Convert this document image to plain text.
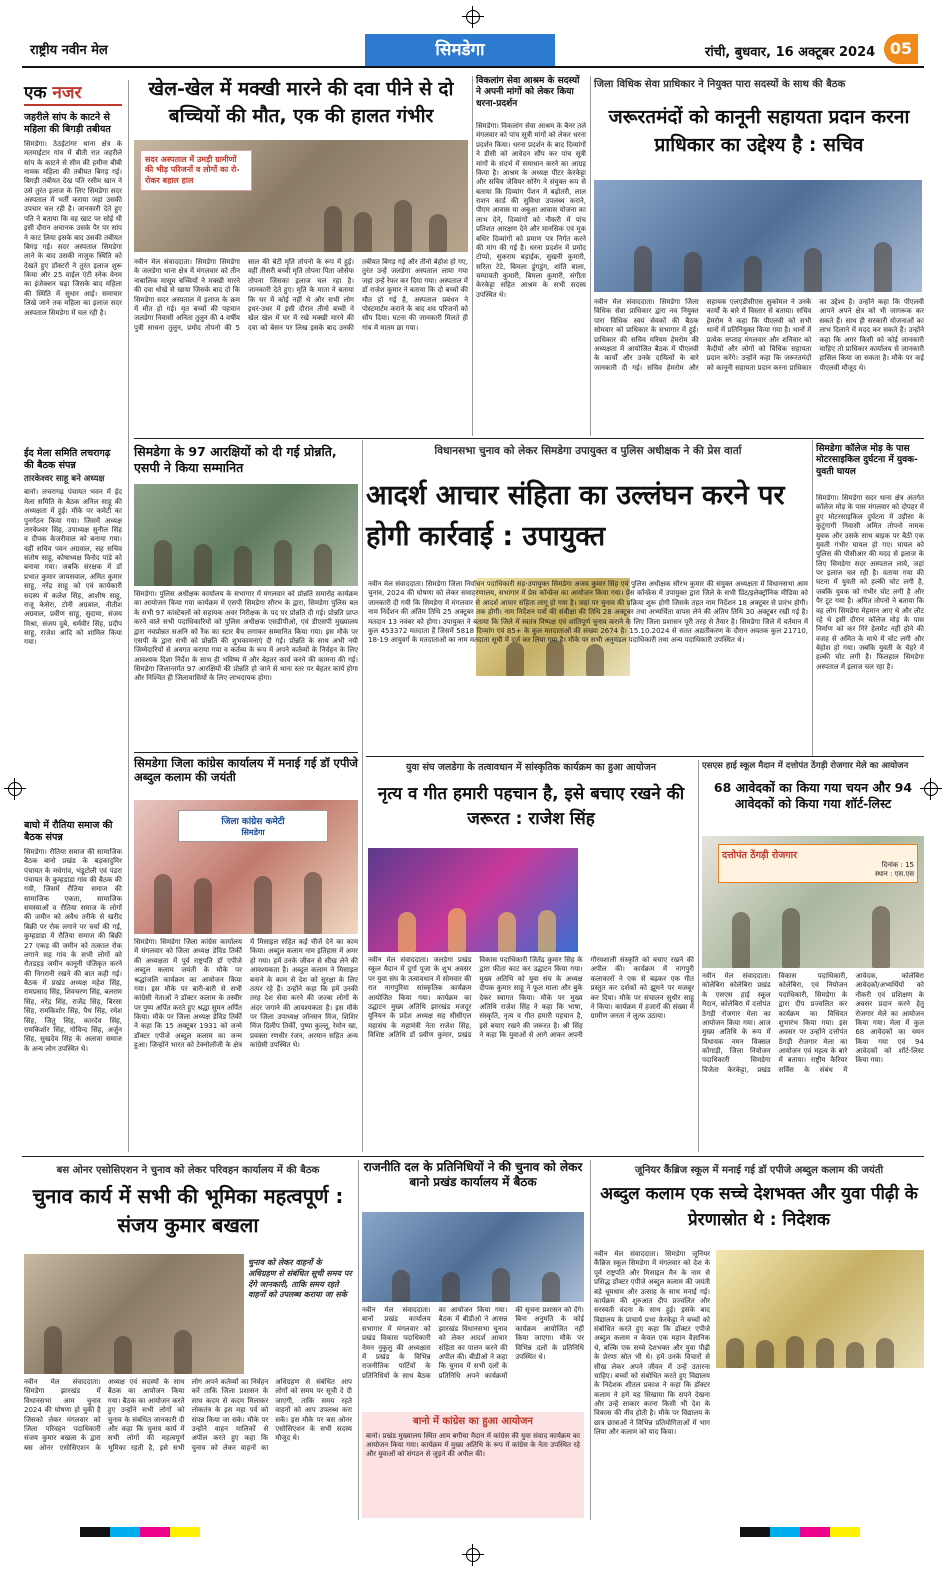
राष्ट्रीय नवीन मेल	सिमडेगा	रांची, बुधवार, 16 अक्टूबर 2024 05
एक नजर
जहरीले सांप के काटने से महिला की बिगड़ी तबीयत
सिमडेगा। ठेठईटांगर थाना क्षेत्र के मतमाईटार गांव में बीती रात जहरीले सांप के काटने से सीम की हमीना बीबी नामक महिला की तबीयत बिगड़ गई। बिगड़ी तबीयत देख पति रसीम खान ने उसे तुरंत इलाज के लिए सिमडेगा सदर अस्पताल में भर्ती कराया जहां उसकी उपचार चल रही है। जानकारी देते हुए पति ने बताया कि वह खाट पर सोई थी इसी दौरान अचानक उसके पैर पर सांप ने काट लिया इसके बाद उसकी तबीयत बिगड़ गई। सदर अस्पताल सिमडेगा लाने के बाद उसकी नाजुक स्थिति को देखते हुए डॉक्टरों ने तुरंत इलाज शुरू किया और 25 वाईल एंटी स्नेक वेनम का इंजेक्शन चढ़ा जिसके बाद महिला की स्थिति में सुधार आई। समाचार लिखे जाने तक महिला का इलाज सदर अस्पताल सिमडेगा में चल रही है।
ईद मेला समिति लचरागढ़ की बैठक संपन्न
तारकेश्वर साहू बने अध्यक्ष
बानो। लचरागढ़ पंचायत भवन में ईद मेला समिति के बैठक अनिल साहू की अध्यक्षता में हुई। मौके पर कमेटी का पुनर्गठन किया गया। जिसमें अध्यक्ष तारकेश्वर सिंह, उपाध्यक्ष सुनील सिंह व दीपक केजरीवाल को बनाया गया। वहीं सचिव पवन अग्रवाल, सह सचिव संतोष साहू, कोषाध्यक्ष विनोद पांडे को बनाया गया। जबकि संरक्षक में डॉ प्रभात कुमार जायसवाल, अमित कुमार साहू, नरेंद्र साहू को एवं कार्यकारी सदस्य में कलेश सिंह, आशीष साहू, राजू केसेरा, टोनी अग्रवाल, नीतीश अग्रवाल, प्रवीण साहू, सुदामा, संजय मिश्रा, संजय दुबे, धर्मवीर सिंह, प्रदीप साहू, राजेश आदि को शामिल किया गया।
बाघो में रौतिया समाज की बैठक संपन्न
सिमडेगा। रौतिया समाज की सामाजिक बैठक बानो प्रखंड के बड़कादुमिर पंचायत के मधेगांव, भंडूटोली एवं पंडरा पंचायत के कुम्हडाडा गांव की बैठक की गयी, जिसमें रौतिया समाज की सामाजिक एकता, सामाजिक समस्याओं व रौतिया समाज के लोगों की जमीन को अवैध तरीके से खरीद बिक्री पर रोक लगाने पर चर्चा की गई, कुम्हडाडा में रौतिया समाज की बिक्री 27 एकड़ की जमीन को तत्काल रोक लगाने सह गांव के सभी लोगों को रौतडहड़ जमीन कानूनी पंजिकृत करने की निगरानी रखने की बात कही गई। बैठक में प्रखंड अध्यक्ष महेश सिंह, रामप्रसाद सिंह, शिवचरण सिंह, बलराम सिंह, नरेंद्र सिंह, राजेंद्र सिंह, बिरसा सिंह, रामकिशोर सिंह, पैथ सिंह, रमेश सिंह, जितु सिंह, कारदेव सिंह, रामकिशोर सिंह, गोविन्द सिंह, अर्जुन सिंह, सुखदेव सिंह के अलावा समाज के अन्य लोग उपस्थित थे।
खेल-खेल में मक्खी मारने की दवा पीने से दो बच्चियों की मौत, एक की हालत गंभीर
सदर अस्पताल में उमड़ी ग्रामीणों की भीड़ परिजनों व लोगों का रो-रोकर बहाल हाल
नवीन मेल संवाददाता। सिमडेगा सिमडेगा के जलडेगा थाना क्षेत्र में मंगलवार को तीन नाबालिक मासूम बच्चियों ने मक्खी मारने की दवा धोखे से खाया जिसके बाद दो कि सिमडेगा सदर अस्पताल में इलाज के क्रम में मौत हो गई। मृत बच्चों की पहचान जलडेगा निवासी अनिता तुलुन की 4 वर्षीय पुत्री साधना तुलुन, प्रमोद तोपनो की 5 साल की बेटी मृति तोपनो के रूप में हुई। वहीं तीसरी बच्ची मृति तोपना पिता जोसेफ तोपना जिसका इलाज चल रहा है। जानकारी देते हुए। मृति के माता ने बताया कि घर में कोई नहीं थे और सभी लोग इधर-उधर में इसी दौरान तीनो बच्ची ने खेल खेल में घर में रखे मक्खी मारने की दवा को बेसन पर लिख इसके बाद उनकी तबीयत बिगड़ गई और तीनो बेहोश हो गए, तुरंत उन्हें जलडेगा अस्पताल लाया गया जहां उन्हें रेफर कर दिया गया। अस्पताल में डॉ राजेश कुमार ने बताया कि दो बच्चों की मौत हो गई है, अस्पताल प्रबंधन ने पोस्टमार्टम कराने के बाद शव परिजनों को सौंप दिया। घटना की जानकारी मिलते ही गांव में मातम छा गया।
विकलांग सेवा आश्रम के सदस्यों ने अपनी मांगों को लेकर किया धरना-प्रदर्शन
सिमडेगा। विकलांग सेवा आश्रम के बैनर तले मंगलवार को पांच सूत्री मांगों को लेकर धरना प्रदर्शन किया। धरना प्रदर्शन के बाद दिव्यांगों ने डीसी को आवेदन सौंप कर पांच सूत्री मांगों के संदर्भ में समाधान करने का आग्रह किया है। आश्रम के अध्यक्ष पीटर केरकेट्टा और सचिव जेवियर सोरेंग ने संयुक्त रूप से बताया कि दिव्यांग पेंशन में बढ़ोतरी, लाल राशन कार्ड की सुविधा उपलब्ध कराने, पीएम आवास या अबुआ आवास योजना का लाभ देने, दिव्यांगों को नौकरी में पांच प्रतिशत आरक्षण देने और मानसिक एवं मूक बधिर दिव्यांगों को प्रमाण पत्र निर्गत करने की मांग की गई है। धरना प्रदर्शन में प्रमोद टोप्पो, सुकराम बड़ाईक, सुखनी कुमारी, सरिता टेटे, बिमला डुंगडुंग, शांति बाला, चम्पावती कुमारी, बिमला कुमारी, संगीता केरकेट्टा सहित आश्रम के सभी सदस्य उपस्थित थे।
जिला विधिक सेवा प्राधिकार ने नियुक्त पारा सदस्यों के साथ की बैठक
जरूरतमंदों को कानूनी सहायता प्रदान करना प्राधिकार का उद्देश्य है : सचिव
नवीन मेल संवाददाता। सिमडेगा जिला विधिक सेवा प्राधिकार द्वारा नव नियुक्त पारा विधिक स्वयं सेवकों की बैठक सोमवार को प्राधिकार के सभागार में हुई। प्राधिकार की सचिव मरियम हेमरोम की अध्यक्षता में आयोजित बैठक में पीएलवी के कार्यों और उनके दायित्वों के बारे जानकारी दी गई। सचिव हेमरोम और सहायक एलएडीसीएस सुकोमल ने उनके कार्यों के बारे में विस्तार से बताया। सचिव हेमरोम ने कहा कि पीएलवी को सभी थानों में प्रतिनियुक्त किया गया है। थानों में प्रत्येक सप्ताह मंगलवार और शनिवार को कैदीयों और लोगों को विधिक सहायता प्रदान करेंगे। उन्होंने कहा कि जरूरतमंदों को कानूनी सहायता प्रदान करना प्राधिकार का उद्देश्य है। उन्होंने कहा कि पीएलवी आपने अपने क्षेत्र को भी जागरूक कर सकते हैं। साथ ही सरकारी योजनाओं का लाभ दिलाने में मदद कर सकते हैं। उन्होंने कहा कि अगर किसी को कोई जानकारी चाहिए तो प्राधिकार कार्यालय से जानकारी हासिल किया जा सकता है। मौके पर कई पीएलवी मौजूद थे।
सिमडेगा के 97 आरक्षियों को दी गई प्रोन्नति, एसपी ने किया सम्मानित
सिमडेगा। पुलिस अधीक्षक कार्यालय के सभागार में मंगलवार को प्रोन्नति समारोह कार्यक्रम का आयोजन किया गया कार्यक्रम में एसपी सिमडेगा सौरभ के द्वारा, सिमडेगा पुलिस बल के सभी 97 कांस्टेबलों को सहायक अवर निरीक्षक के पद पर प्रोन्नति दी गई। प्रोन्नति प्राप्त करने वाले सभी पदाधिकारियों को पुलिस अधीक्षक एसडीपीओ, एवं डीएसपी मुख्यालय द्वारा नवप्रोन्नत सअनि को रैंक का स्टार बैच लगाकर सम्मानित किया गया। इस मौके पर एसपी के द्वारा सभी को प्रोन्नति की शुभकामनाएं दी गई। प्रोन्नति के साथ अभी नयी जिम्मेदारियों से अवगत कराया गया व कर्तव्य के रूप में अपने कर्तव्यों के निर्वहन के लिए आवश्यक दिशा निर्देश के साथ ही भविष्य में और बेहतर कार्य करने की कामना की गई। सिमडेगा जिलान्तर्गत 97 आरक्षियों की प्रोन्नति हो जाने से थाना स्तर पर बेहतर कार्य होगा और निश्चित ही जिलावासियों के लिए लाभदायक होगा।
सिमडेगा जिला कांग्रेस कार्यालय में मनाई गई डॉ एपीजे अब्दुल कलाम की जयंती
जिला कांग्रेस कमेटी
सिमडेगा
सिमडेगा। सिमडेगा जिला कांग्रेस कार्यालय में मंगलवार को जिला अध्यक्ष डेविड तिर्की की अध्यक्षता में पूर्व राष्ट्रपति डॉ एपीजे अब्दुल कलाम जयंती के मौके पर श्रद्धांजलि कार्यक्रम का आयोजन किया गया। इस मौके पर बारी-बारी से सभी कांग्रेसी नेताओं ने डॉक्टर कलाम के तस्वीर पर पुष्प अर्पित करते हुए श्रद्धा सुमन अर्पित किया। मौके पर जिला अध्यक्ष डेविड तिर्की ने कहा कि 15 अक्टूबर 1931 को जन्मे डॉक्टर एपीजे अब्दुल कलाम का जन्म हुआ। जिन्होंने भारत को टेक्नोलॉजी के क्षेत्र में मिसाइल सहित कई चीजें देने का काम किया। अब्दुल कलाम नाम इतिहास में अमर हो गया। हमें उनके जीवन से सीख लेने की आवश्यकता है। अब्दुल कलाम ने मिसाइल बनाने के काम से देश को सुरक्षा के लिए तत्पर रहे हैं। उन्होंने कहा कि हमें उनकी तरह देश सेवा करने की जज्बा लोगों के अंदर जगाने की आवश्यकता है। इस मौके पर जिला उपाध्यक्ष जॉनसन मिंज, शिशिर मिंज दिलीप तिर्की, पुष्पा कुल्लू, रेमोन खा, प्रवक्ता रणधीर रंजन, अरमान सहित अन्य कांग्रेसी उपस्थित थे।
विधानसभा चुनाव को लेकर सिमडेगा उपायुक्त व पुलिस अधीक्षक ने की प्रेस वार्ता
आदर्श आचार संहिता का उल्लंघन करने पर होगी कार्रवाई : उपायुक्त
नवीन मेल संवाददाता। सिमडेगा जिला निर्वाचन पदाधिकारी सह-उपायुक्त सिमडेगा अजय कुमार सिंह एवं पुलिस अधीक्षक सौरभ कुमार की संयुक्त अध्यक्षता में विधानसभा आम चुनाव, 2024 की घोषणा को लेकर समाहरणालय, सभागार में प्रेस कॉन्फ्रेंस का आयोजन किया गया। प्रेस कॉन्फ्रेंस में उपायुक्त द्वारा जिले के सभी प्रिंट/इलेक्ट्रॉनिक मीडिया को जानकारी दी गयी कि सिमडेगा में मंगलवार से आदर्श आचार संहिता लागू हो गया है। जहां पर चुनाव की प्रक्रिया शुरू होगी जिसके तहत नाम निर्देशन 18 अक्टूबर से प्रारंभ होगी। नाम निर्देशन की अंतिम तिथि 25 अक्टूबर तक होगी। नाम निर्देशन पत्रों की संवीक्षा की तिथि 28 अक्टूबर तथा अभ्यर्थिता वापस लेने की अंतिम तिथि 30 अक्टूबर रखी गई है। मतदान 13 नवंबर को होगा। उपायुक्त ने बताया कि जिले में स्वतंत्र निष्पक्ष एवं शांतिपूर्ण चुनाव कराने के लिए जिला प्रशासन पूरी तरह से तैयार है। सिमडेगा जिले में वर्तमान में कुल 453372 मतदाता हैं जिसमें 5818 दिव्यांग एवं 85+ के कुल मतदाताओं की संख्या 2674 है। 15.10.2024 से सतत अद्यतीकरण के दौरान अवतक कुल 21710, 18-19 आयुवर्ग के मतदाताओं का नाम मतदाता सूची में दर्ज कर लिया गया है। मौके पर सभी अनुमंडल पदाधिकारी तथा अन्य पदाधिकारी उपस्थित थे।
सिमडेगा कॉलेज मोड़ के पास मोटरसाइकिल दुर्घटना में युवक-युवती घायल
सिमडेगा। सिमडेगा सदर थाना क्षेत्र अंतर्गत कॉलेज मोड़ के पास मंगलवार को दोपहर में हुए मोटरसाइकिल दुर्घटना में उड़ीसा के कुटुंगागी निवासी अमित तोपनो नामक युवक और उसके साथ बाइक पर बैठी एक युवती गंभीर घायल हो गए। घायल को पुलिस की पीसीआर की मदद से इलाज के लिए सिमडेगा सदर अस्पताल लाये, जहां पर इलाज चल रही है। वताया गया की घटना में युवती को हल्की चोट लगी है, जबकि युवक को गंभीर चोट लगी है और पैर टूट गया है। अमित तोपनो ने बताया कि वह लोग सिमडेगा मेहमान आए थे और लौट रहे थे इसी दौरान कॉलेज मोड़ के पास निर्माण को कर गिरे हेलमेट नहीं होने की वजह से अमित के माथे में चोट लगी और बेहोश हो गया। जबकि युवती के चेहरे में हल्की चोट लगी है। फिलहाल सिमडेगा अस्पताल में इलाज चल रहा है।
युवा संघ जलडेगा के तत्वावधान में सांस्कृतिक कार्यक्रम का हुआ आयोजन
नृत्य व गीत हमारी पहचान है, इसे बचाए रखने की जरूरत : राजेश सिंह
नवीन मेल संवाददाता। जलडेगा प्रखंड स्कूल मैदान में दुर्गा पूजा के शुभ अवसर पर युवा संघ के तत्वावधान में सोमवार की रात नागपुरिया सांस्कृतिक कार्यक्रम आयोजित किया गया। कार्यक्रम का उद्घाटन मुख्य अतिथि झारखंड मजदूर यूनियन के प्रदेश अध्यक्ष सह सीसीएल महासंघ के महामंत्री नेता राजेश सिंह, विशिष्ट अतिथि डॉ प्रवीण कुमार, प्रखंड विकास पदाधिकारी जितेंद्र कुमार सिंह के द्वारा फीता काट कर उद्घाटन किया गया। मुख्य अतिथि को युवा संघ के अध्यक्ष दीपक कुमार साहू ने फूल माला और बुके देकर स्वागत किया। मौके पर मुख्य अतिथि राजेश सिंह ने कहा कि भाषा, संस्कृति, नृत्य व गीत हमारी पहचान है, इसे बचाए रखने की जरूरत है। श्री सिंह ने कहा कि युवाओं से आगे आकर अपनी गौरवशाली संस्कृति को बचाए रखने की अपील की। कार्यक्रम में नागपुरी कलाकारों ने एक से बढ़कर एक गीत प्रस्तुत कर दर्शकों को झूमने पर मजबूर कर दिया। मौके पर संचालन सुधीर साहू ने किया। कार्यक्रम में हजारों की संख्या में ग्रामीण जनता ने लुत्फ उठाया।
एसएस हाई स्कूल मैदान में दत्तोपंत ठेंगड़ी रोजगार मेले का आयोजन
68 आवेदकों का किया गया चयन और 94 आवेदकों को किया गया शॉर्ट-लिस्ट
दत्तोपंत ठेंगड़ी रोजगार
दिनांक : 15
स्थान : एस.एस
नवीन मेल संवाददाता। कोलेबिरा कोलेबिरा प्रखंड के एसएस हाई स्कूल मैदान, कोलेबिरा में दत्तोपंत ठेंगड़ी रोजगार मेला का आयोजन किया गया। आज मुख्य अतिथि के रूप में विधायक नमन विक्सल कोंगाड़ी, जिला नियोजन पदाधिकारी सिमडेगा विजेता केरकेट्टा, प्रखंड विकास पदाधिकारी, कोलेबिरा, एवं नियोजन पदाधिकारी, सिमडेगा के द्वारा दीप प्रज्वलित कर कार्यक्रम का विधिवत शुभारंभ किया गया। इस अवसर पर उन्होंने दत्तोपंत ठेंगड़ी रोजगार मेला का आयोजन एवं महत्व के बारे में बताया। राष्ट्रीय कैरियर सर्विस के संबंध में आवेदक, कोलेबिरा आवेदकों/अभ्यर्थियों को नौकरी एवं प्रशिक्षण के अवसर प्रदान करने हेतु रोजगार मेले का आयोजन किया गया। मेला में कुल 68 आवेदकों का चयन किया गया एवं 94 आवेदकों को शॉर्ट-लिस्ट किया गया।
बस ओनर एसोसिएशन ने चुनाव को लेकर परिवहन कार्यालय में की बैठक
चुनाव कार्य में सभी की भूमिका महत्वपूर्ण : संजय कुमार बखला
चुनाव को लेकर वाहनों के अधिग्रहण से संबंधित सूची समय पर देंगे जानकारी, ताकि समय रहते वाहनों को उपलब्ध कराया जा सके
नवीन मेल संवाददाता। सिमडेगा झारखंड में विधानसभा आम चुनाव 2024 की घोषणा हो चुकी है जिसको लेकर मंगलवार को जिला परिवहन पदाधिकारी संजय कुमार बखला के द्वारा बस ओनर एसोसिएशन के अध्यक्ष एवं सदस्यों के साथ बैठक का आयोजन किया गया। बैठक का आयोजन करते हुए उन्होंने सभी लोगों को चुनाव के संबंधित जानकारी दी और कहा कि चुनाव कार्य में सभी लोगों की महत्वपूर्ण भूमिका रहती है, इसे सभी लोग अपने कर्तव्यों का निर्वहन करें ताकि जिला प्रशासन के साथ कदम से कदम मिलाकर लोकतंत्र के इस महा पर्व को संपन्न किया जा सके। मौके पर उन्होंने वाहन मालिकों से अपील करते हुए कहा कि चुनाव को लेकर वाहनों का अधिग्रहण से संबंधित आप लोगों को समय पर सूची दे दी जाएगी, ताकि समय रहते वाहनों को आप उपलब्ध करा सकें। इस मौके पर बस ओनर एसोसिएशन के सभी सदस्य मौजूद थे।
राजनीति दल के प्रतिनिधियों ने की चुनाव को लेकर बानो प्रखंड कार्यालय में बैठक
नवीन मेल संवाददाता। बानो प्रखंड कार्यालय सभागार में मंगलवार को प्रखंड विकास पदाधिकारी नेमन नुकुलु की अध्यक्षता में प्रखंड के विभिन्न राजनीतिक पार्टियों के प्रतिनिधियों के साथ बैठक का आयोजन किया गया। बैठक में बीडीओ ने आसन्न झारखंड विधानसभा चुनाव को लेकर आदर्श आचार संहिता का पालन करने की अपील की। बीडीओ ने कहा कि चुनाव में सभी दलों के प्रतिनिधि अपने कार्यक्रमों की सूचना प्रशासन को देंगे। बिना अनुमति के कोई कार्यक्रम आयोजित नहीं किया जाएगा। मौके पर विभिन्न दलों के प्रतिनिधि उपस्थित थे।
बानो में कांग्रेस का हुआ आयोजन
बानो। प्रखंड मुख्यालय स्थित आम बगीचा मैदान में कांग्रेस की युवा संवाद कार्यक्रम का आयोजन किया गया। कार्यक्रम में मुख्य अतिथि के रूप में कांग्रेस के नेता उपस्थित रहे और युवाओं को संगठन से जुड़ने की अपील की।
जूनियर कैंब्रिज स्कूल में मनाई गई डॉ एपीजे अब्दुल कलाम की जयंती
अब्दुल कलाम एक सच्चे देशभक्त और युवा पीढ़ी के प्रेरणास्रोत थे : निदेशक
नवीन मेल संवाददाता। सिमडेगा जूनियर कैंब्रिज स्कूल सिमडेगा में मंगलवार को देश के पूर्व राष्ट्रपति और मिसाइल मैन के नाम से प्रसिद्ध डॉक्टर एपीजे अब्दुल कलाम की जयंती बड़े धूमधाम और उत्साह के साथ मनाई गई। कार्यक्रम की शुरुआत दीप प्रज्वलित और सरस्वती वंदना के साथ हुई। इसके बाद विद्यालय के प्राचार्य प्रभा केरकेट्टा ने बच्चों को संबोधित करते हुए कहा कि डॉक्टर एपीजे अब्दुल कलाम न केवल एक महान वैज्ञानिक थे, बल्कि एक सच्चे देशभक्त और युवा पीढ़ी के प्रेरणा स्रोत भी थे। हमें उनके विचारों से सीख लेकर अपने जीवन में उन्हें उतारना चाहिए। बच्चों को संबोधित करते हुए विद्यालय के निदेशक शीतल प्रकाश ने कहा कि डॉक्टर कलाम ने हमें यह सिखाया कि सपने देखना और उन्हें साकार करना किसी भी देश के विकास की नींव होती है। मौके पर विद्यालय के छात्र छात्राओं ने विभिन्न प्रतियोगिताओं में भाग लिया और कलाम को याद किया।
